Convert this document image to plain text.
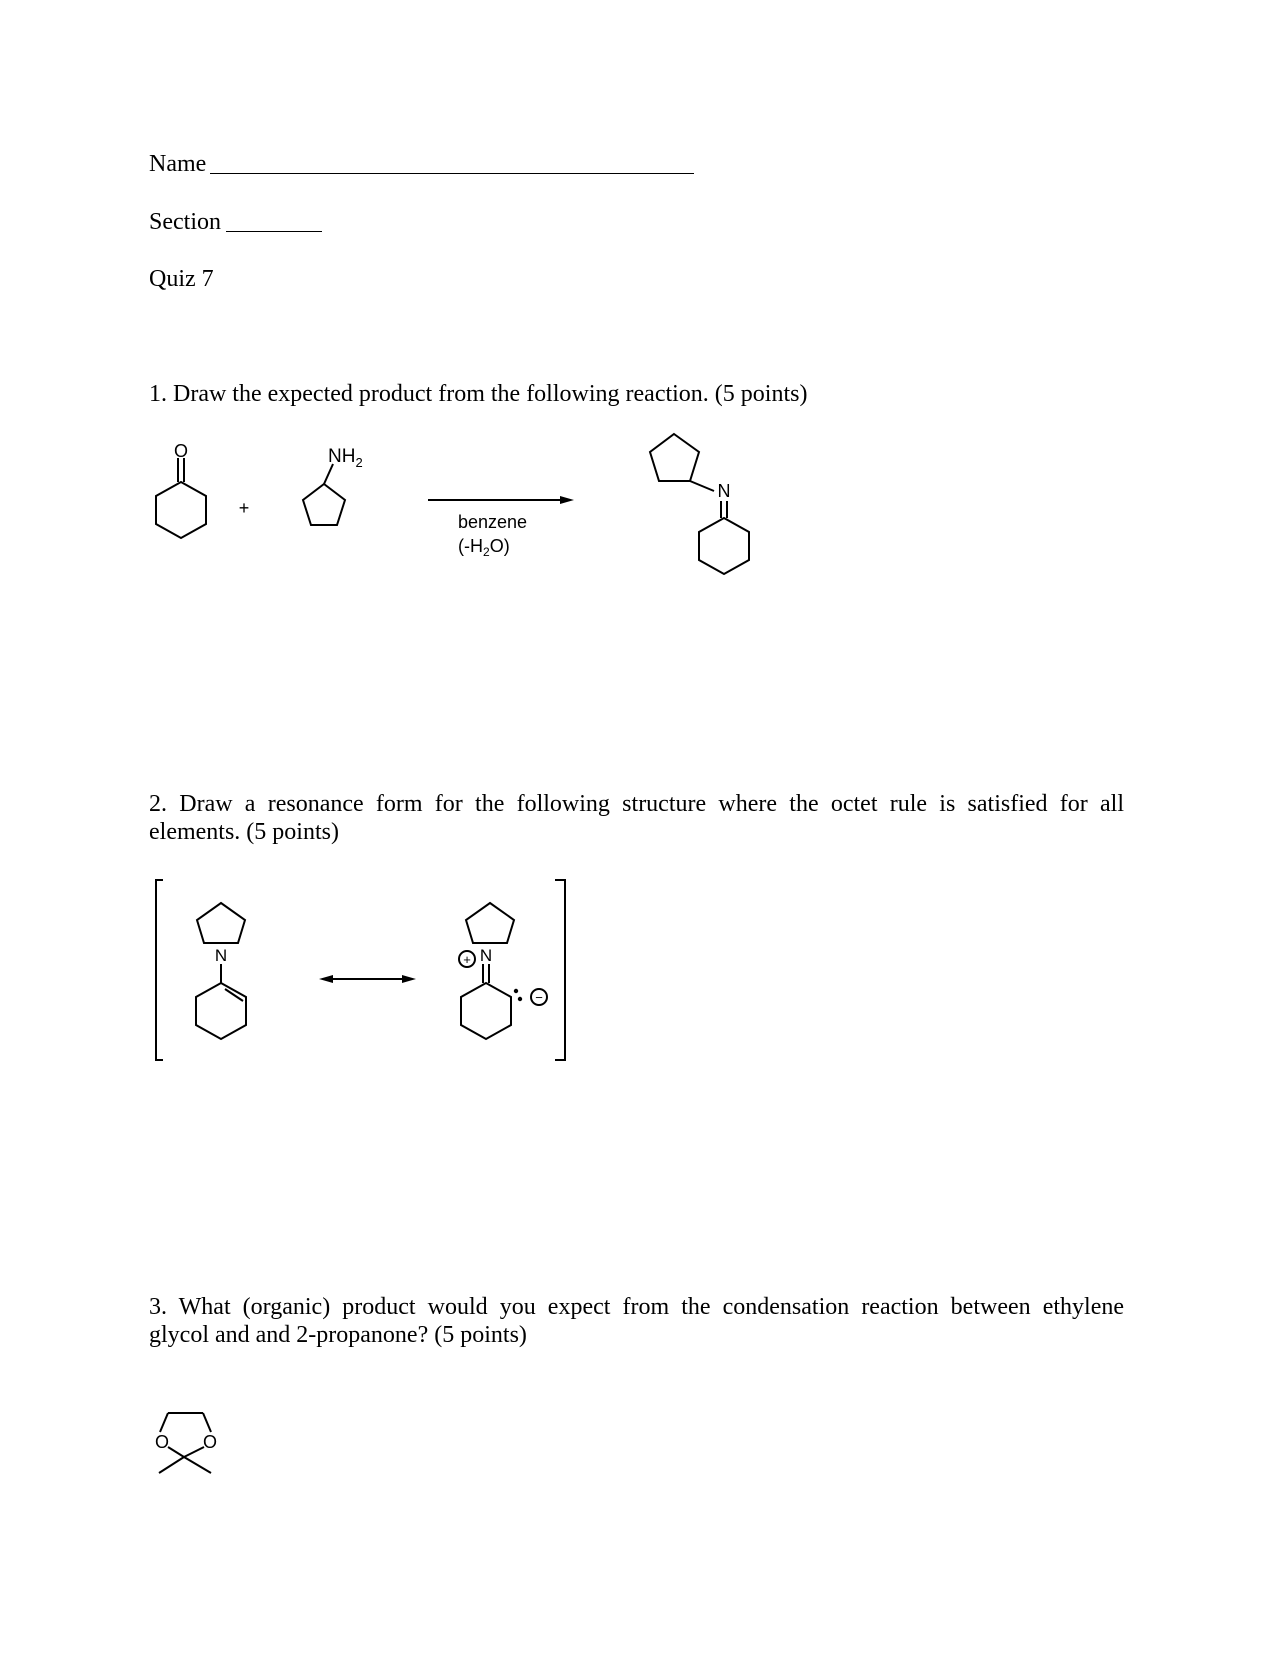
Name
Section
Quiz 7
1. Draw the expected product from the following reaction. (5 points)
O
+
$NH_2$
benzene
$(-H_2O)$
N
2. Draw a resonance form for the following structure where the octet rule is satisfied for all
elements. (5 points)
N	+ N
−
3. What (organic) product would you expect from the condensation reaction between ethylene
glycol and and 2-propanone? (5 points)
O O
